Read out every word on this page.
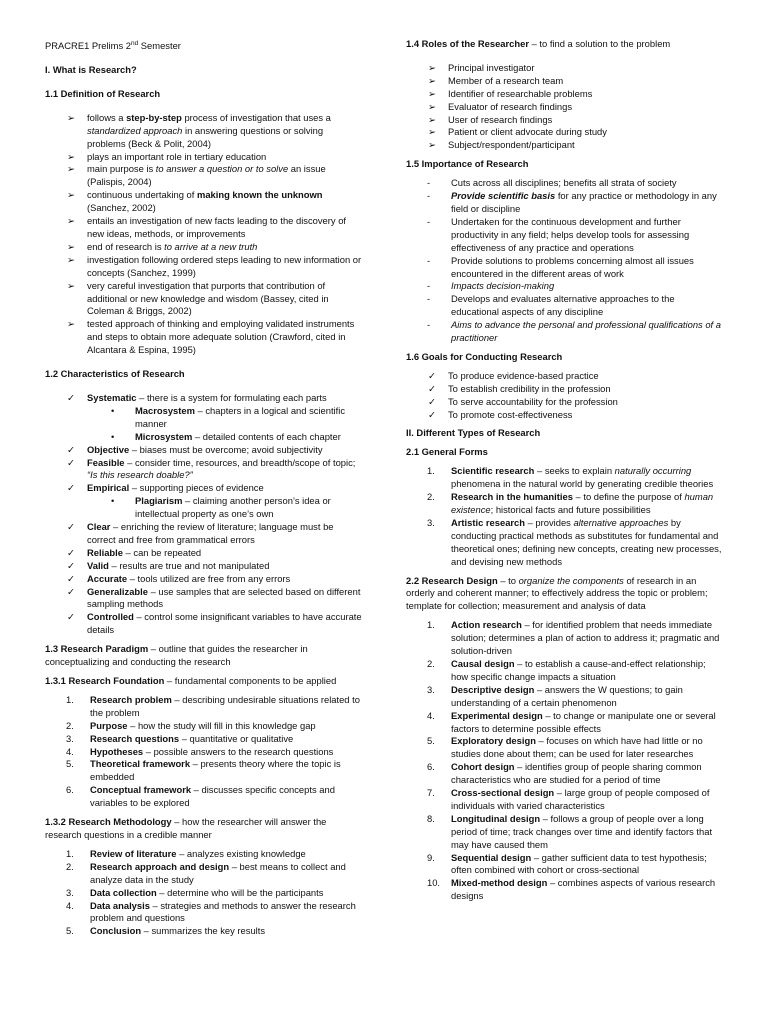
PRACRE1 Prelims 2nd Semester

I. What is Research?

1.1 Definition of Research

➢	follows a step-by-step process of investigation that uses a standardized approach in answering questions or solving problems (Beck & Polit, 2004)
➢	plays an important role in tertiary education
➢	main purpose is to answer a question or to solve an issue (Palispis, 2004)
➢	continuous undertaking of making known the unknown (Sanchez, 2002)
➢	entails an investigation of new facts leading to the discovery of new ideas, methods, or improvements
➢	end of research is to arrive at a new truth
➢	investigation following ordered steps leading to new information or concepts (Sanchez, 1999)
➢	very careful investigation that purports that contribution of additional or new knowledge and wisdom (Bassey, cited in Coleman & Briggs, 2002)
➢	tested approach of thinking and employing validated instruments and steps to obtain more adequate solution (Crawford, cited in Alcantara & Espina, 1995)

1.2 Characteristics of Research

✓	Systematic – there is a system for formulating each parts
•	Macrosystem – chapters in a logical and scientific manner
•	Microsystem – detailed contents of each chapter
✓	Objective – biases must be overcome; avoid subjectivity
✓	Feasible – consider time, resources, and breadth/scope of topic; “Is this research doable?”
✓	Empirical – supporting pieces of evidence
•	Plagiarism – claiming another person’s idea or intellectual property as one’s own
✓	Clear – enriching the review of literature; language must be correct and free from grammatical errors
✓	Reliable – can be repeated
✓	Valid – results are true and not manipulated
✓	Accurate – tools utilized are free from any errors
✓	Generalizable – use samples that are selected based on different sampling methods
✓	Controlled – control some insignificant variables to have accurate details

1.3 Research Paradigm – outline that guides the researcher in conceptualizing and conducting the research

1.3.1 Research Foundation – fundamental components to be applied

1.	Research problem – describing undesirable situations related to the problem
2.	Purpose – how the study will fill in this knowledge gap
3.	Research questions – quantitative or qualitative
4.	Hypotheses – possible answers to the research questions
5.	Theoretical framework – presents theory where the topic is embedded
6.	Conceptual framework – discusses specific concepts and variables to be explored

1.3.2 Research Methodology – how the researcher will answer the research questions in a credible manner

1.	Review of literature – analyzes existing knowledge
2.	Research approach and design – best means to collect and analyze data in the study
3.	Data collection – determine who will be the participants
4.	Data analysis – strategies and methods to answer the research problem and questions
5.	Conclusion – summarizes the key results

1.4 Roles of the Researcher – to find a solution to the problem

➢	Principal investigator
➢	Member of a research team
➢	Identifier of researchable problems
➢	Evaluator of research findings
➢	User of research findings
➢	Patient or client advocate during study
➢	Subject/respondent/participant

1.5 Importance of Research

-	Cuts across all disciplines; benefits all strata of society
-	Provide scientific basis for any practice or methodology in any field or discipline
-	Undertaken for the continuous development and further productivity in any field; helps develop tools for assessing effectiveness of any practice and operations
-	Provide solutions to problems concerning almost all issues encountered in the different areas of work
-	Impacts decision-making
-	Develops and evaluates alternative approaches to the educational aspects of any discipline
-	Aims to advance the personal and professional qualifications of a practitioner

1.6 Goals for Conducting Research

✓	To produce evidence-based practice
✓	To establish credibility in the profession
✓	To serve accountability for the profession
✓	To promote cost-effectiveness

II. Different Types of Research

2.1 General Forms

1.	Scientific research – seeks to explain naturally occurring phenomena in the natural world by generating credible theories
2.	Research in the humanities – to define the purpose of human existence; historical facts and future possibilities
3.	Artistic research – provides alternative approaches by conducting practical methods as substitutes for fundamental and theoretical ones; defining new concepts, creating new processes, and devising new methods

2.2 Research Design – to organize the components of research in an orderly and coherent manner; to effectively address the topic or problem; template for collection; measurement and analysis of data

1.	Action research – for identified problem that needs immediate solution; determines a plan of action to address it; pragmatic and solution-driven
2.	Causal design – to establish a cause-and-effect relationship; how specific change impacts a situation
3.	Descriptive design – answers the W questions; to gain understanding of a certain phenomenon
4.	Experimental design – to change or manipulate one or several factors to determine possible effects
5.	Exploratory design – focuses on which have had little or no studies done about them; can be used for later researches
6.	Cohort design – identifies group of people sharing common characteristics who are studied for a period of time
7.	Cross-sectional design – large group of people composed of individuals with varied characteristics
8.	Longitudinal design – follows a group of people over a long period of time; track changes over time and identify factors that may have caused them
9.	Sequential design – gather sufficient data to test hypothesis; often combined with cohort or cross-sectional
10.	Mixed-method design – combines aspects of various research designs
